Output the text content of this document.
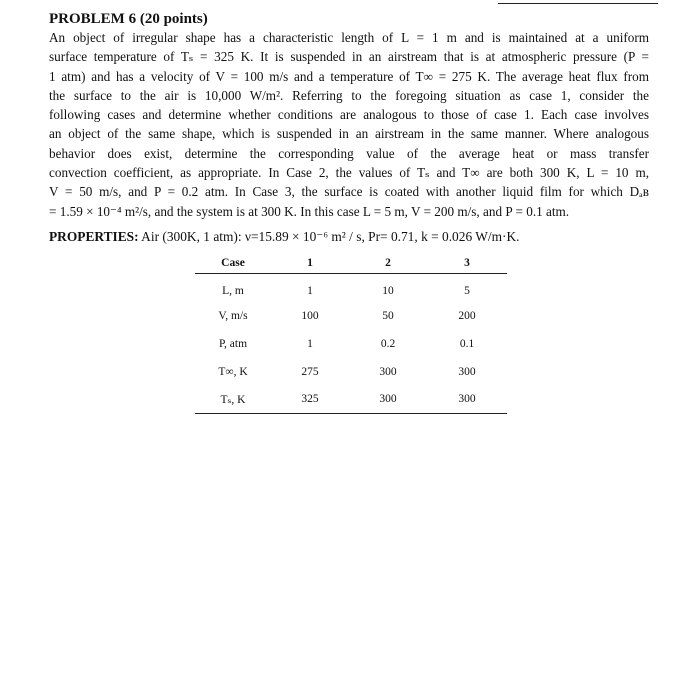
PROBLEM 6 (20 points)
An object of irregular shape has a characteristic length of L = 1 m and is maintained at a uniform
surface temperature of Tₛ = 325 K. It is suspended in an airstream that is at atmospheric pressure (P =
1 atm) and has a velocity of V = 100 m/s and a temperature of T∞ = 275 K. The average heat flux from
the surface to the air is 10,000 W/m². Referring to the foregoing situation as case 1, consider the
following cases and determine whether conditions are analogous to those of case 1. Each case involves
an object of the same shape, which is suspended in an airstream in the same manner. Where analogous
behavior does exist, determine the corresponding value of the average heat or mass transfer
convection coefficient, as appropriate. In Case 2, the values of Tₛ and T∞ are both 300 K, L = 10 m,
V = 50 m/s, and P = 0.2 atm. In Case 3, the surface is coated with another liquid film for which Dₐʙ
= 1.59 × 10⁻⁴ m²/s, and the system is at 300 K. In this case L = 5 m, V = 200 m/s, and P = 0.1 atm.
PROPERTIES: Air (300K, 1 atm): ν=15.89 × 10⁻⁶ m² / s, Pr= 0.71, k = 0.026 W/m·K.
Case	1	2	3
L, m	1	10	5
V, m/s	100	50	200
P, atm	1	0.2	0.1
T∞, K	275	300	300
Tₛ, K	325	300	300
